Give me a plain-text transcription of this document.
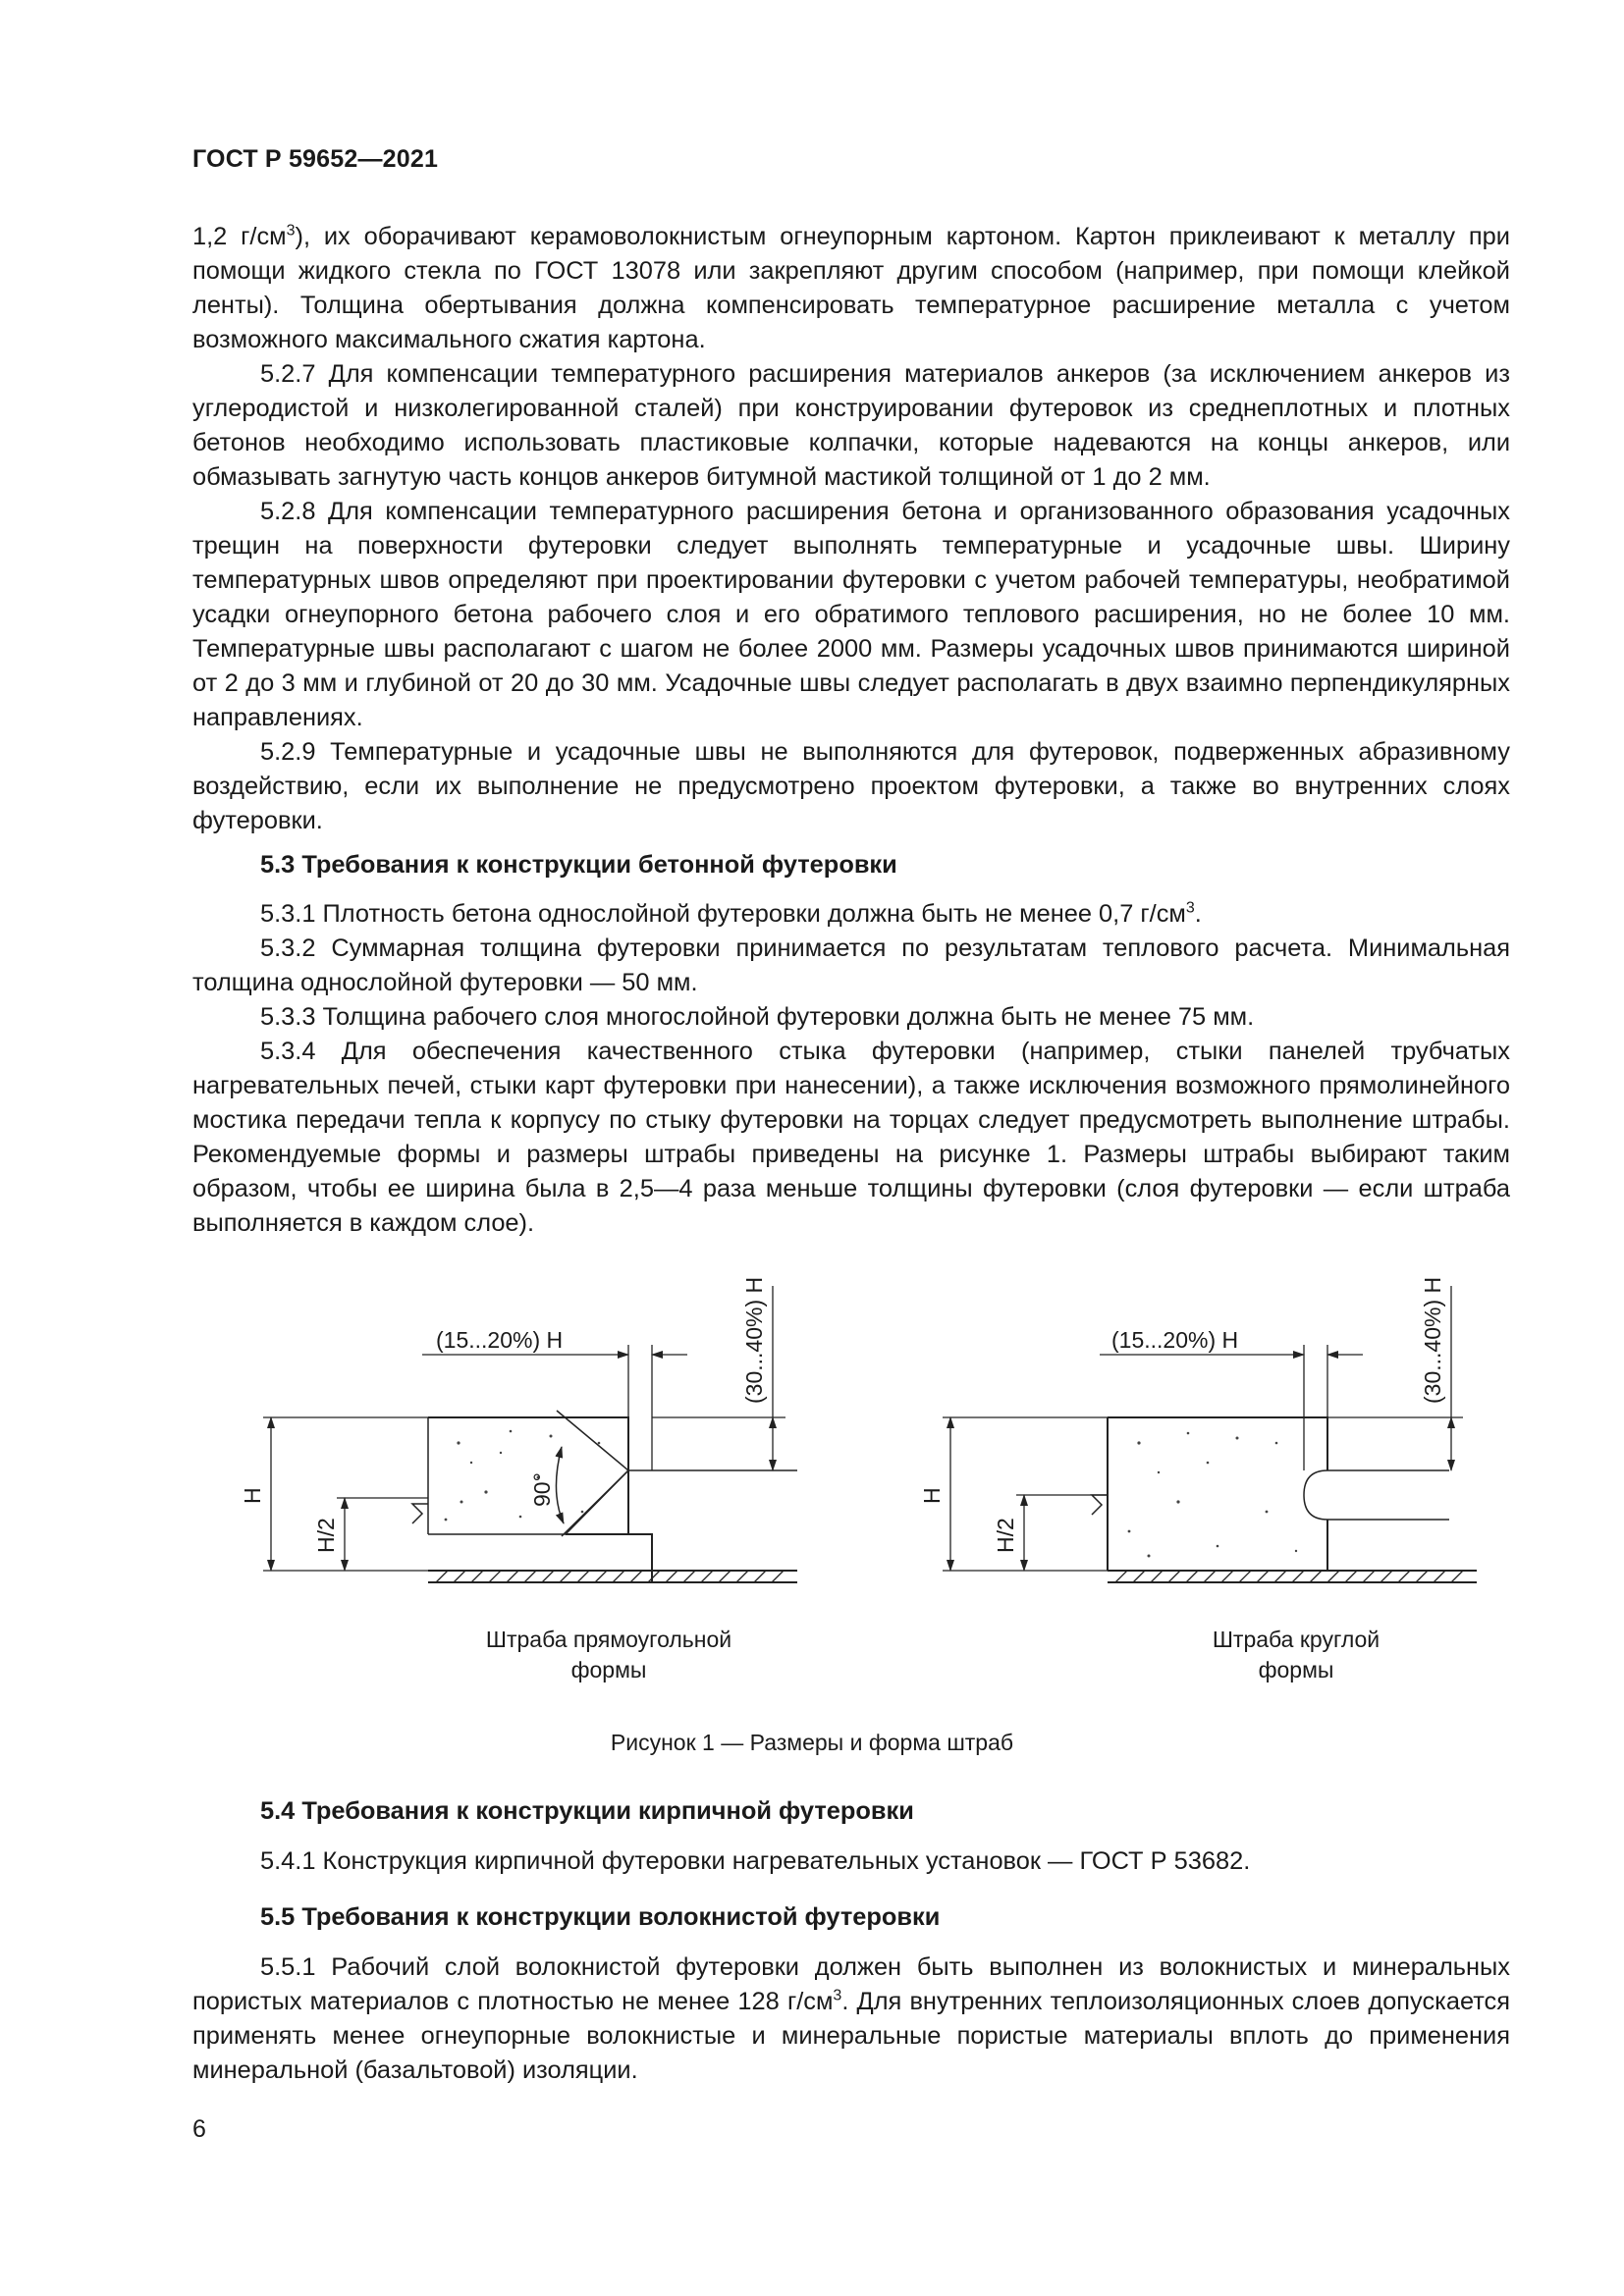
ГОСТ Р 59652—2021

1,2 $г/см^3$), их оборачивают керамоволокнистым огнеупорным картоном. Картон приклеивают к металлу при помощи жидкого стекла по ГОСТ 13078 или закрепляют другим способом (например, при помощи клейкой ленты). Толщина обертывания должна компенсировать температурное расширение металла с учетом возможного максимального сжатия картона.

5.2.7 Для компенсации температурного расширения материалов анкеров (за исключением анкеров из углеродистой и низколегированной сталей) при конструировании футеровок из среднеплотных и плотных бетонов необходимо использовать пластиковые колпачки, которые надеваются на концы анкеров, или обмазывать загнутую часть концов анкеров битумной мастикой толщиной от 1 до 2 мм.

5.2.8 Для компенсации температурного расширения бетона и организованного образования усадочных трещин на поверхности футеровки следует выполнять температурные и усадочные швы. Ширину температурных швов определяют при проектировании футеровки с учетом рабочей температуры, необратимой усадки огнеупорного бетона рабочего слоя и его обратимого теплового расширения, но не более 10 мм. Температурные швы располагают с шагом не более 2000 мм. Размеры усадочных швов принимаются шириной от 2 до 3 мм и глубиной от 20 до 30 мм. Усадочные швы следует располагать в двух взаимно перпендикулярных направлениях.

5.2.9 Температурные и усадочные швы не выполняются для футеровок, подверженных абразивному воздействию, если их выполнение не предусмотрено проектом футеровки, а также во внутренних слоях футеровки.

5.3 Требования к конструкции бетонной футеровки

5.3.1 Плотность бетона однослойной футеровки должна быть не менее 0,7 $г/см^3$.

5.3.2 Суммарная толщина футеровки принимается по результатам теплового расчета. Минимальная толщина однослойной футеровки — 50 мм.

5.3.3 Толщина рабочего слоя многослойной футеровки должна быть не менее 75 мм.

5.3.4 Для обеспечения качественного стыка футеровки (например, стыки панелей трубчатых нагревательных печей, стыки карт футеровки при нанесении), а также исключения возможного прямолинейного мостика передачи тепла к корпусу по стыку футеровки на торцах следует предусмотреть выполнение штрабы. Рекомендуемые формы и размеры штрабы приведены на рисунке 1. Размеры штрабы выбирают таким образом, чтобы ее ширина была в 2,5—4 раза меньше толщины футеровки (слоя футеровки — если штраба выполняется в каждом слое).

(15...20%) H	(15...20%) H
(30...40%) H	(30...40%) H
H	H
H/2	H/2
90°
Штраба прямоугольной
формы
Штраба круглой
формы
Рисунок 1 — Размеры и форма штраб

5.4 Требования к конструкции кирпичной футеровки

5.4.1 Конструкция кирпичной футеровки нагревательных установок — ГОСТ Р 53682.

5.5 Требования к конструкции волокнистой футеровки

5.5.1 Рабочий слой волокнистой футеровки должен быть выполнен из волокнистых и минеральных пористых материалов с плотностью не менее 128 $г/см^3$. Для внутренних теплоизоляционных слоев допускается применять менее огнеупорные волокнистые и минеральные пористые материалы вплоть до применения минеральной (базальтовой) изоляции.

6
